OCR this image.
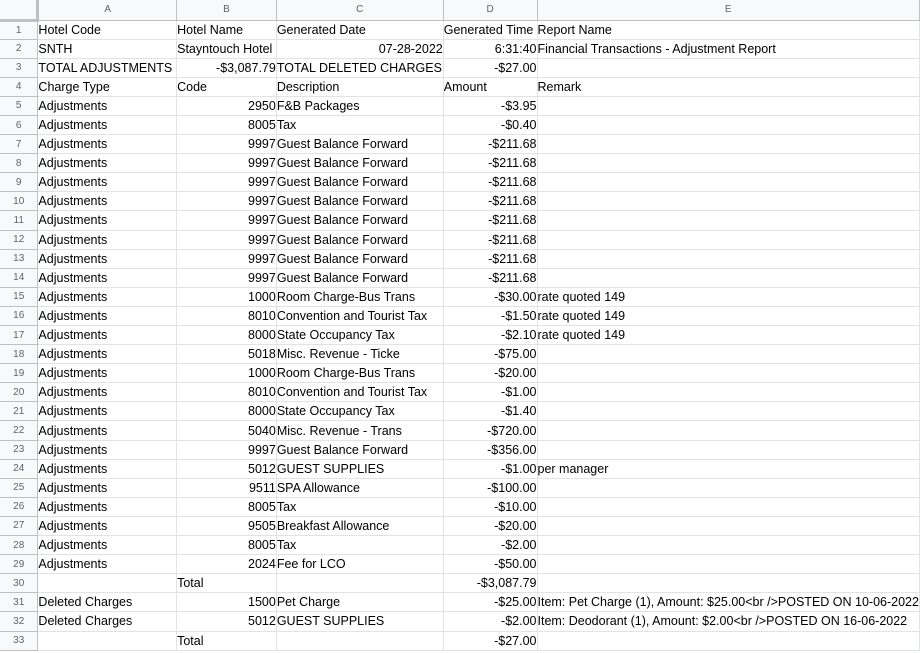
	A	B	C	D	E
1	Hotel Code	Hotel Name	Generated Date	Generated Time	Report Name
2	SNTH	Stayntouch Hotel	07-28-2022	6:31:40	Financial Transactions - Adjustment Report
3	TOTAL ADJUSTMENTS	-$3,087.79	TOTAL DELETED CHARGES	-$27.00	
4	Charge Type	Code	Description	Amount	Remark
5	Adjustments	2950	F&B Packages	-$3.95	
6	Adjustments	8005	Tax	-$0.40	
7	Adjustments	9997	Guest Balance Forward	-$211.68	
8	Adjustments	9997	Guest Balance Forward	-$211.68	
9	Adjustments	9997	Guest Balance Forward	-$211.68	
10	Adjustments	9997	Guest Balance Forward	-$211.68	
11	Adjustments	9997	Guest Balance Forward	-$211.68	
12	Adjustments	9997	Guest Balance Forward	-$211.68	
13	Adjustments	9997	Guest Balance Forward	-$211.68	
14	Adjustments	9997	Guest Balance Forward	-$211.68	
15	Adjustments	1000	Room Charge-Bus Trans	-$30.00	rate quoted 149
16	Adjustments	8010	Convention and Tourist Tax	-$1.50	rate quoted 149
17	Adjustments	8000	State Occupancy Tax	-$2.10	rate quoted 149
18	Adjustments	5018	Misc. Revenue - Ticke	-$75.00	
19	Adjustments	1000	Room Charge-Bus Trans	-$20.00	
20	Adjustments	8010	Convention and Tourist Tax	-$1.00	
21	Adjustments	8000	State Occupancy Tax	-$1.40	
22	Adjustments	5040	Misc. Revenue - Trans	-$720.00	
23	Adjustments	9997	Guest Balance Forward	-$356.00	
24	Adjustments	5012	GUEST SUPPLIES	-$1.00	per manager
25	Adjustments	9511	SPA Allowance	-$100.00	
26	Adjustments	8005	Tax	-$10.00	
27	Adjustments	9505	Breakfast Allowance	-$20.00	
28	Adjustments	8005	Tax	-$2.00	
29	Adjustments	2024	Fee for LCO	-$50.00	
30		Total		-$3,087.79	
31	Deleted Charges	1500	Pet Charge	-$25.00	Item: Pet Charge (1), Amount: $25.00<br />POSTED ON 10-06-2022
32	Deleted Charges	5012	GUEST SUPPLIES	-$2.00	Item: Deodorant (1), Amount: $2.00<br />POSTED ON 16-06-2022
33		Total		-$27.00	
